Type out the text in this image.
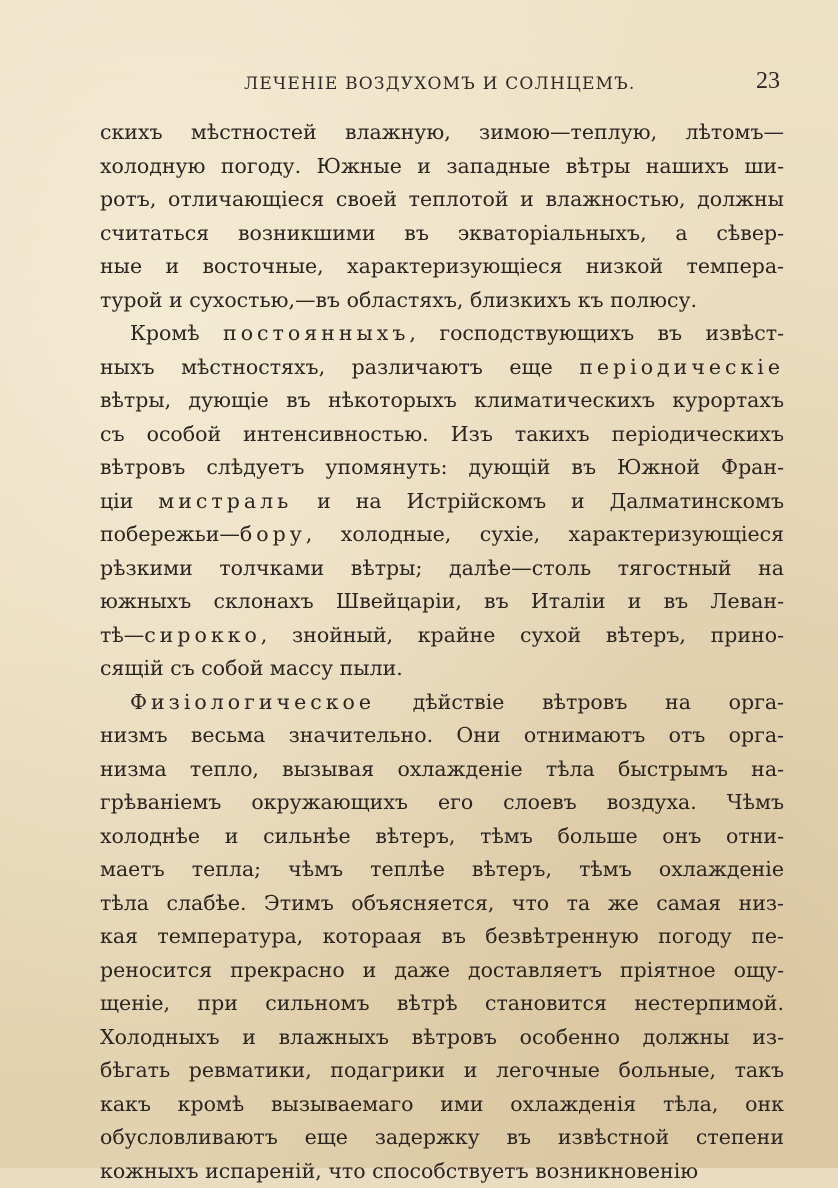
ЛЕЧЕНІЕ ВОЗДУХОМЪ И СОЛНЦЕМЪ.	23
скихъ мѣстностей влажную, зимою—теплую, лѣтомъ—
холодную погоду. Южные и западные вѣтры нашихъ ши-
ротъ, отличающіеся своей теплотой и влажностью, должны
считаться возникшими въ экваторіальныхъ, а сѣвер-
ные и восточные, характеризующіеся низкой темпера-
турой и сухостью,—въ областяхъ, близкихъ къ полюсу.
Кромѣ постоянныхъ, господствующихъ въ извѣст-
ныхъ мѣстностяхъ, различаютъ еще періодическіе
вѣтры, дующіе въ нѣкоторыхъ климатическихъ курортахъ
съ особой интенсивностью. Изъ такихъ періодическихъ
вѣтровъ слѣдуетъ упомянуть: дующій въ Южной Фран-
ціи мистраль и на Истрійскомъ и Далматинскомъ
побережьи—бору, холодные, сухіе, характеризующіеся
рѣзкими толчками вѣтры; далѣе—столь тягостный на
южныхъ склонахъ Швейцаріи, въ Италіи и въ Леван-
тѣ—сирокко, знойный, крайне сухой вѣтеръ, прино-
сящій съ собой массу пыли.
Физіологическое дѣйствіе вѣтровъ на орга-
низмъ весьма значительно. Они отнимаютъ отъ орга-
низма тепло, вызывая охлажденіе тѣла быстрымъ на-
грѣваніемъ окружающихъ его слоевъ воздуха. Чѣмъ
холоднѣе и сильнѣе вѣтеръ, тѣмъ больше онъ отни-
маетъ тепла; чѣмъ теплѣе вѣтеръ, тѣмъ охлажденіе
тѣла слабѣе. Этимъ объясняется, что та же самая низ-
кая температура, котораая въ безвѣтренную погоду пе-
реносится прекрасно и даже доставляетъ пріятное ощу-
щеніе, при сильномъ вѣтрѣ становится нестерпимой.
Холодныхъ и влажныхъ вѣтровъ особенно должны из-
бѣгать ревматики, подагрики и легочные больные, такъ
какъ кромѣ вызываемаго ими охлажденія тѣла, онк
обусловливаютъ еще задержку въ извѣстной степени
кожныхъ испареній, что способствуетъ возникновенію
